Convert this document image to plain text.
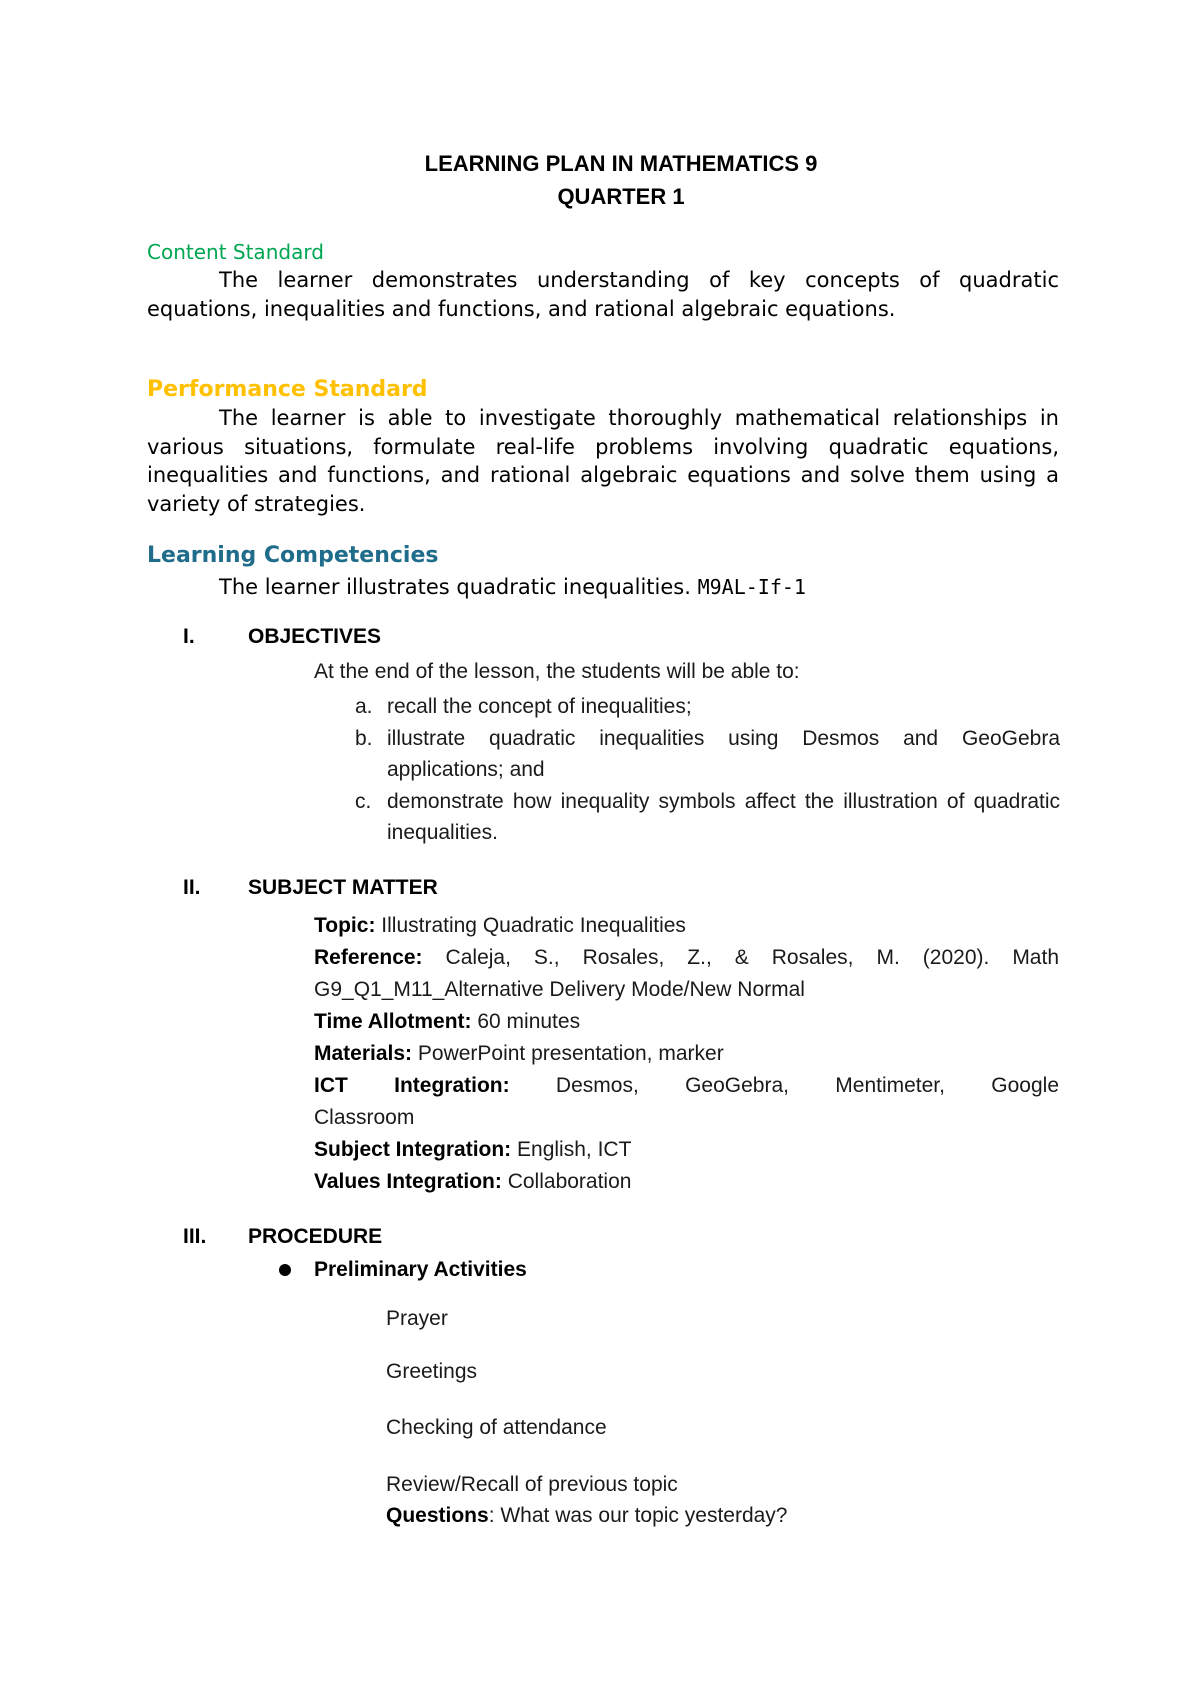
LEARNING PLAN IN MATHEMATICS 9
QUARTER 1
Content Standard
The learner demonstrates understanding of key concepts of quadratic equations, inequalities and functions, and rational algebraic equations.
Performance Standard
The learner is able to investigate thoroughly mathematical relationships in various situations, formulate real-life problems involving quadratic equations, inequalities and functions, and rational algebraic equations and solve them using a variety of strategies.
Learning Competencies
The learner illustrates quadratic inequalities. M9AL-If-1
I.	OBJECTIVES
At the end of the lesson, the students will be able to:
a. recall the concept of inequalities;
b. illustrate quadratic inequalities using Desmos and GeoGebra applications; and
c. demonstrate how inequality symbols affect the illustration of quadratic inequalities.
II. SUBJECT MATTER
Topic: Illustrating Quadratic Inequalities
Reference: Caleja, S., Rosales, Z., & Rosales, M. (2020). Math
G9_Q1_M11_Alternative Delivery Mode/New Normal
Time Allotment: 60 minutes
Materials: PowerPoint presentation, marker
ICT Integration: Desmos, GeoGebra, Mentimeter, Google
Classroom
Subject Integration: English, ICT
Values Integration: Collaboration
III. PROCEDURE
Preliminary Activities
Prayer
Greetings
Checking of attendance
Review/Recall of previous topic
Questions: What was our topic yesterday?
